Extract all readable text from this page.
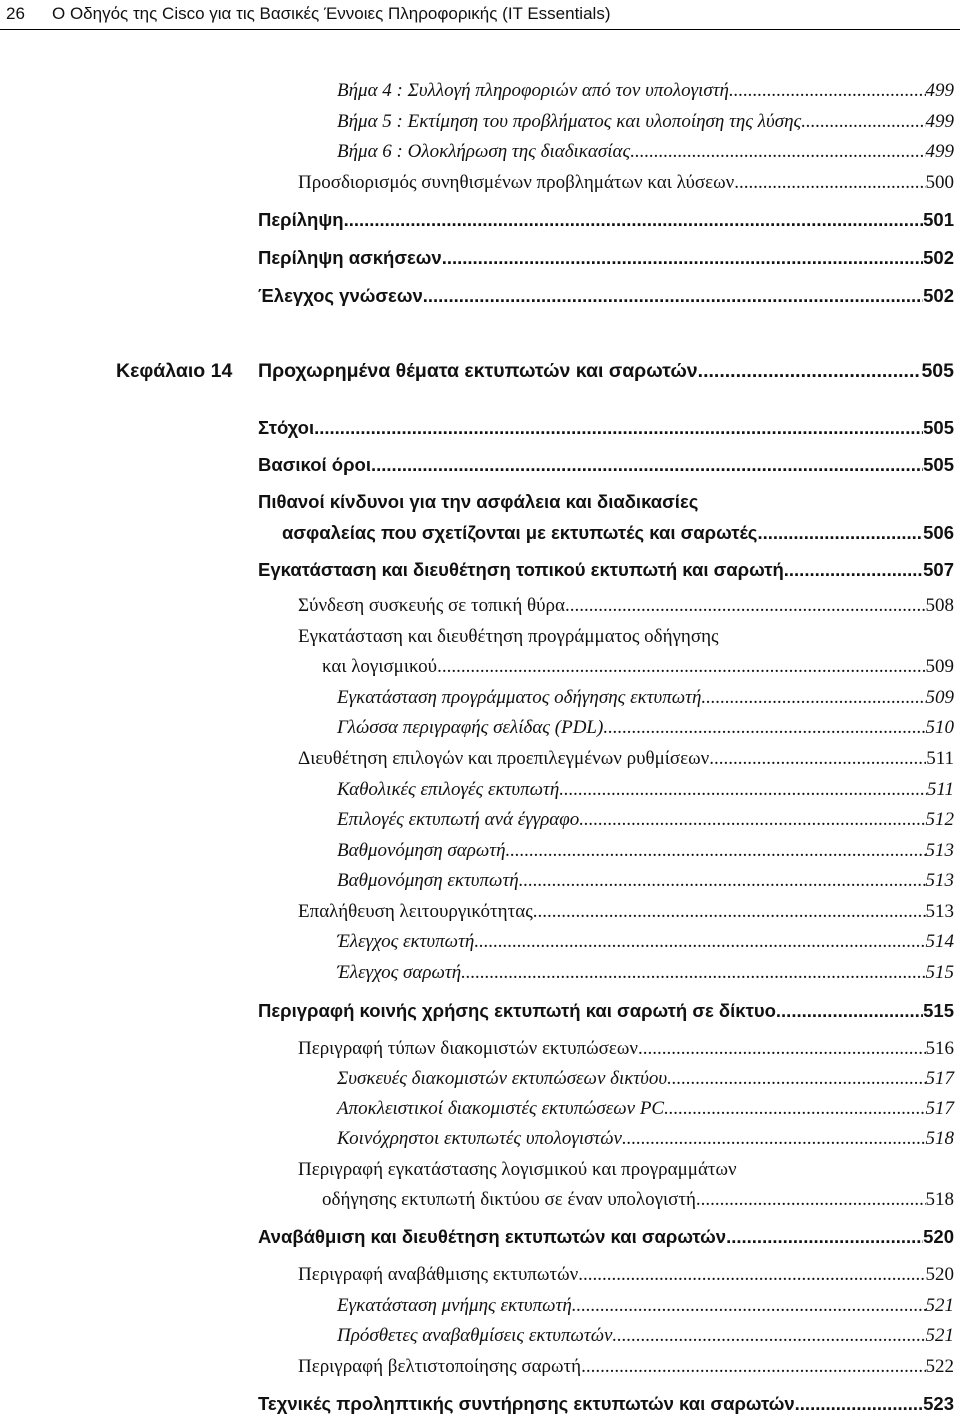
26 Ο Οδηγός της Cisco για τις Βασικές Έννοιες Πληροφορικής (IT Essentials)
Βήμα 4 : Συλλογή πληροφοριών από τον υπολογιστή .....	499
Βήμα 5 : Εκτίμηση του προβλήματος και υλοποίηση της λύσης .....	499
Βήμα 6 : Ολοκλήρωση της διαδικασίας .....	499
Προσδιορισμός συνηθισμένων προβλημάτων και λύσεων .....	500
Περίληψη .....	501
Περίληψη ασκήσεων .....	502
Έλεγχος γνώσεων .....	502
Κεφάλαιο 14 Προχωρημένα θέματα εκτυπωτών και σαρωτών .....	505
Στόχοι .....	505
Βασικοί όροι .....	505
Πιθανοί κίνδυνοι για την ασφάλεια και διαδικασίες
ασφαλείας που σχετίζονται με εκτυπωτές και σαρωτές .....	506
Εγκατάσταση και διευθέτηση τοπικού εκτυπωτή και σαρωτή .....	507
Σύνδεση συσκευής σε τοπική θύρα .....	508
Εγκατάσταση και διευθέτηση προγράμματος οδήγησης
και λογισμικού .....	509
Εγκατάσταση προγράμματος οδήγησης εκτυπωτή .....	509
Γλώσσα περιγραφής σελίδας (PDL) .....	510
Διευθέτηση επιλογών και προεπιλεγμένων ρυθμίσεων .....	511
Καθολικές επιλογές εκτυπωτή .....	511
Επιλογές εκτυπωτή ανά έγγραφο .....	512
Βαθμονόμηση σαρωτή .....	513
Βαθμονόμηση εκτυπωτή .....	513
Επαλήθευση λειτουργικότητας .....	513
Έλεγχος εκτυπωτή .....	514
Έλεγχος σαρωτή .....	515
Περιγραφή κοινής χρήσης εκτυπωτή και σαρωτή σε δίκτυο .....	515
Περιγραφή τύπων διακομιστών εκτυπώσεων .....	516
Συσκευές διακομιστών εκτυπώσεων δικτύου .....	517
Αποκλειστικοί διακομιστές εκτυπώσεων PC .....	517
Κοινόχρηστοι εκτυπωτές υπολογιστών .....	518
Περιγραφή εγκατάστασης λογισμικού και προγραμμάτων
οδήγησης εκτυπωτή δικτύου σε έναν υπολογιστή .....	518
Αναβάθμιση και διευθέτηση εκτυπωτών και σαρωτών .....	520
Περιγραφή αναβάθμισης εκτυπωτών .....	520
Εγκατάσταση μνήμης εκτυπωτή .....	521
Πρόσθετες αναβαθμίσεις εκτυπωτών .....	521
Περιγραφή βελτιστοποίησης σαρωτή .....	522
Τεχνικές προληπτικής συντήρησης εκτυπωτών και σαρωτών .....	523
